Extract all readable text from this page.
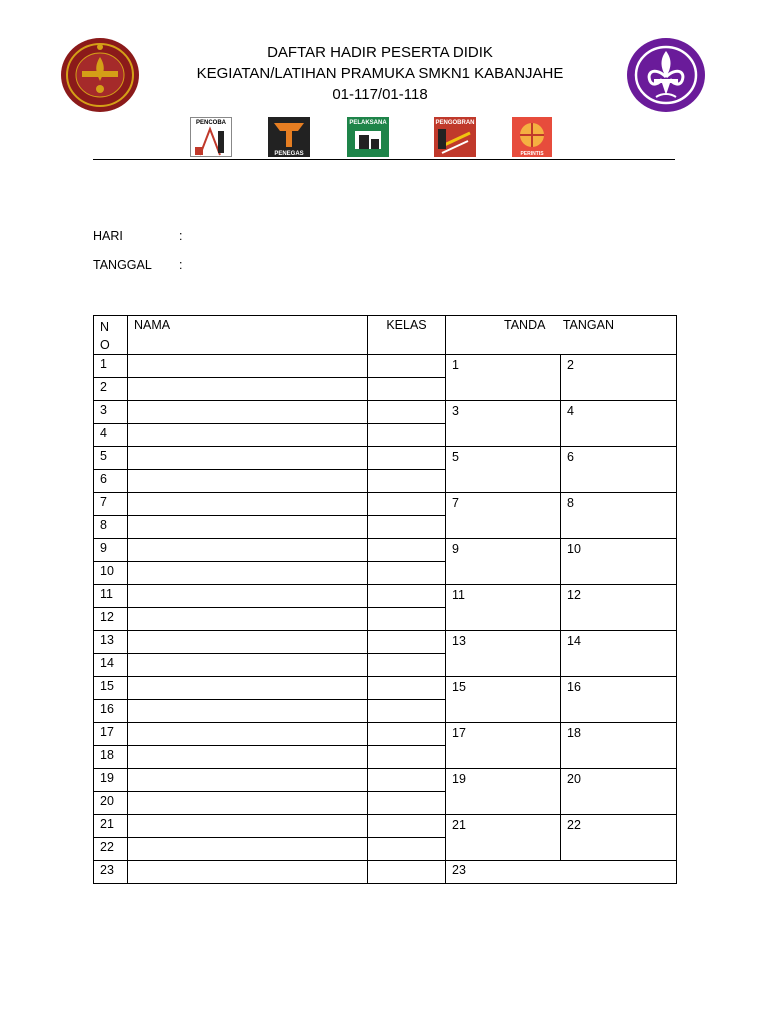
DAFTAR HADIR PESERTA DIDIK
KEGIATAN/LATIHAN PRAMUKA SMKN1 KABANJAHE
01-117/01-118
PENCOBA
PENEGAS
PELAKSANA	PENGOBRAN
PERINTIS
HARI	:
TANGGAL :
N O	NAMA	KELAS	TANDA TANGAN	
1			1	2
2				
3			3	4
4				
5			5	6
6				
7			7	8
8				
9			9	10
10				
11			11	12
12				
13			13	14
14				
15			15	16
16				
17			17	18
18				
19			19	20
20				
21			21	22
22				
23			23	
